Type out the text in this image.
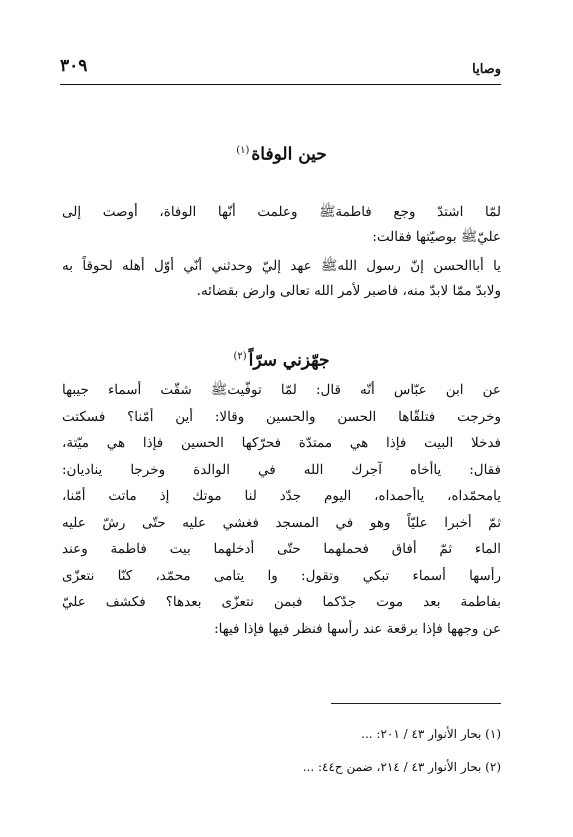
وصايا
٣٠٩
حين الوفاة$^{(١)}$

لمّا اشتدّ وجع فاطمةﷺ وعلمت أنّها الوفاة، أوصت إلى
عليّﷺ بوصيّتها فقالت:
يا أباالحسن إنّ رسول اللهﷺ عهد إليّ وحدثني أنّي أوّل أهله لحوقاً به
ولابدّ ممّا لابدّ منه، فاصبر لأمر الله تعالى وارض بقضائه.

جهّزني سرّاً$^{(٢)}$

عن ابن عبّاس أنّه قال: لمّا توفّيتﷺ شقّت أسماء جيبها
وخرجت فتلقّاها الحسن والحسين وقالا: أين أمّنا؟ فسكتت
فدخلا البيت فإذا هي ممتدّة فحرّكها الحسين فإذا هي ميّتة،
فقال: ياأخاه آجرك الله في الوالدة وخرجا ينادیان:
يامحمّداه، ياأحمداه، اليوم جدّد لنا موتك إذ ماتت أمّنا،
ثمّ أخبرا عليّاً وهو في المسجد فغشي عليه حتّى رشّ عليه
الماء ثمّ أفاق فحملهما حتّى أدخلهما بيت فاطمة وعند
رأسها أسماء تبكي وتقول: وا يتامى محمّد، كنّا نتعزّى
بفاطمة بعد موت جدّكما فبمن نتعزّى بعدها؟ فكشف عليّ
عن وجهها فإذا برقعة عند رأسها فنظر فيها فإذا فيها:

(١) بحار الأنوار ٤٣ / ٢٠١: ...
(٢) بحار الأنوار ٤٣ / ٢١٤، ضمن ح٤٤: ...
